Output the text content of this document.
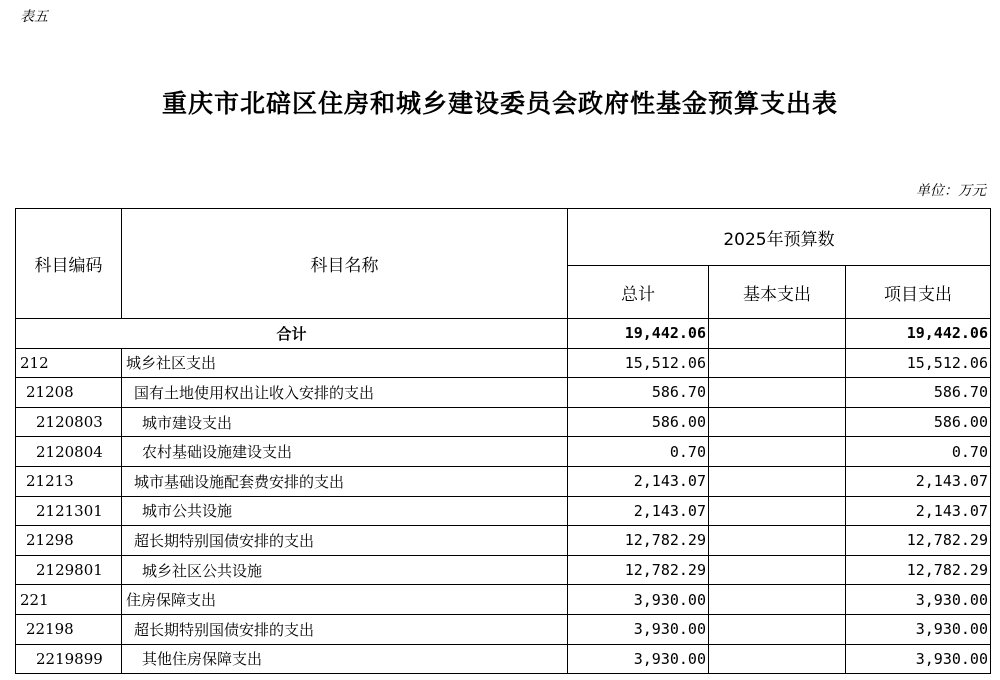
表五
重庆市北碚区住房和城乡建设委员会政府性基金预算支出表
单位：万元
科目编码	科目名称	2025年预算数		
		总计	基本支出	项目支出
合计		19,442.06		19,442.06
212	城乡社区支出	15,512.06		15,512.06
21208	国有土地使用权出让收入安排的支出	586.70		586.70
2120803	城市建设支出	586.00		586.00
2120804	农村基础设施建设支出	0.70		0.70
21213	城市基础设施配套费安排的支出	2,143.07		2,143.07
2121301	城市公共设施	2,143.07		2,143.07
21298	超长期特别国债安排的支出	12,782.29		12,782.29
2129801	城乡社区公共设施	12,782.29		12,782.29
221	住房保障支出	3,930.00		3,930.00
22198	超长期特别国债安排的支出	3,930.00		3,930.00
2219899	其他住房保障支出	3,930.00		3,930.00
